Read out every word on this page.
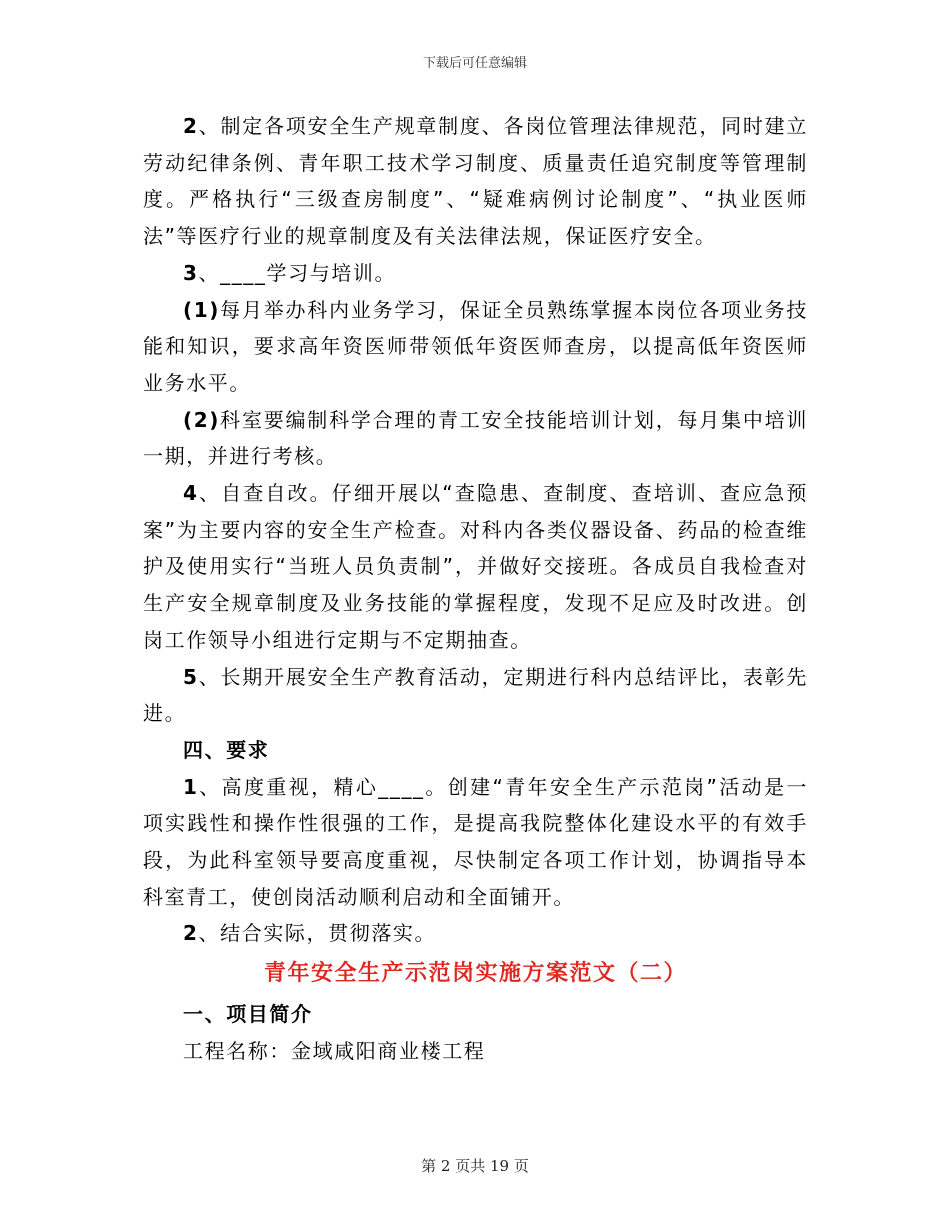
下载后可任意编辑

2、制定各项安全生产规章制度、各岗位管理法律规范，同时建立劳动纪律条例、青年职工技术学习制度、质量责任追究制度等管理制度。严格执行“三级查房制度”、“疑难病例讨论制度”、“执业医师法”等医疗行业的规章制度及有关法律法规，保证医疗安全。

3、____学习与培训。

(1)每月举办科内业务学习，保证全员熟练掌握本岗位各项业务技能和知识，要求高年资医师带领低年资医师查房，以提高低年资医师业务水平。

(2)科室要编制科学合理的青工安全技能培训计划，每月集中培训一期，并进行考核。

4、自查自改。仔细开展以“查隐患、查制度、查培训、查应急预案”为主要内容的安全生产检查。对科内各类仪器设备、药品的检查维护及使用实行“当班人员负责制”，并做好交接班。各成员自我检查对生产安全规章制度及业务技能的掌握程度，发现不足应及时改进。创岗工作领导小组进行定期与不定期抽查。

5、长期开展安全生产教育活动，定期进行科内总结评比，表彰先进。

四、要求

1、高度重视，精心____。创建“青年安全生产示范岗”活动是一项实践性和操作性很强的工作，是提高我院整体化建设水平的有效手段，为此科室领导要高度重视，尽快制定各项工作计划，协调指导本科室青工，使创岗活动顺利启动和全面铺开。

2、结合实际，贯彻落实。

青年安全生产示范岗实施方案范文（二）

一、项目简介

工程名称：金域咸阳商业楼工程

第 2 页共 19 页
